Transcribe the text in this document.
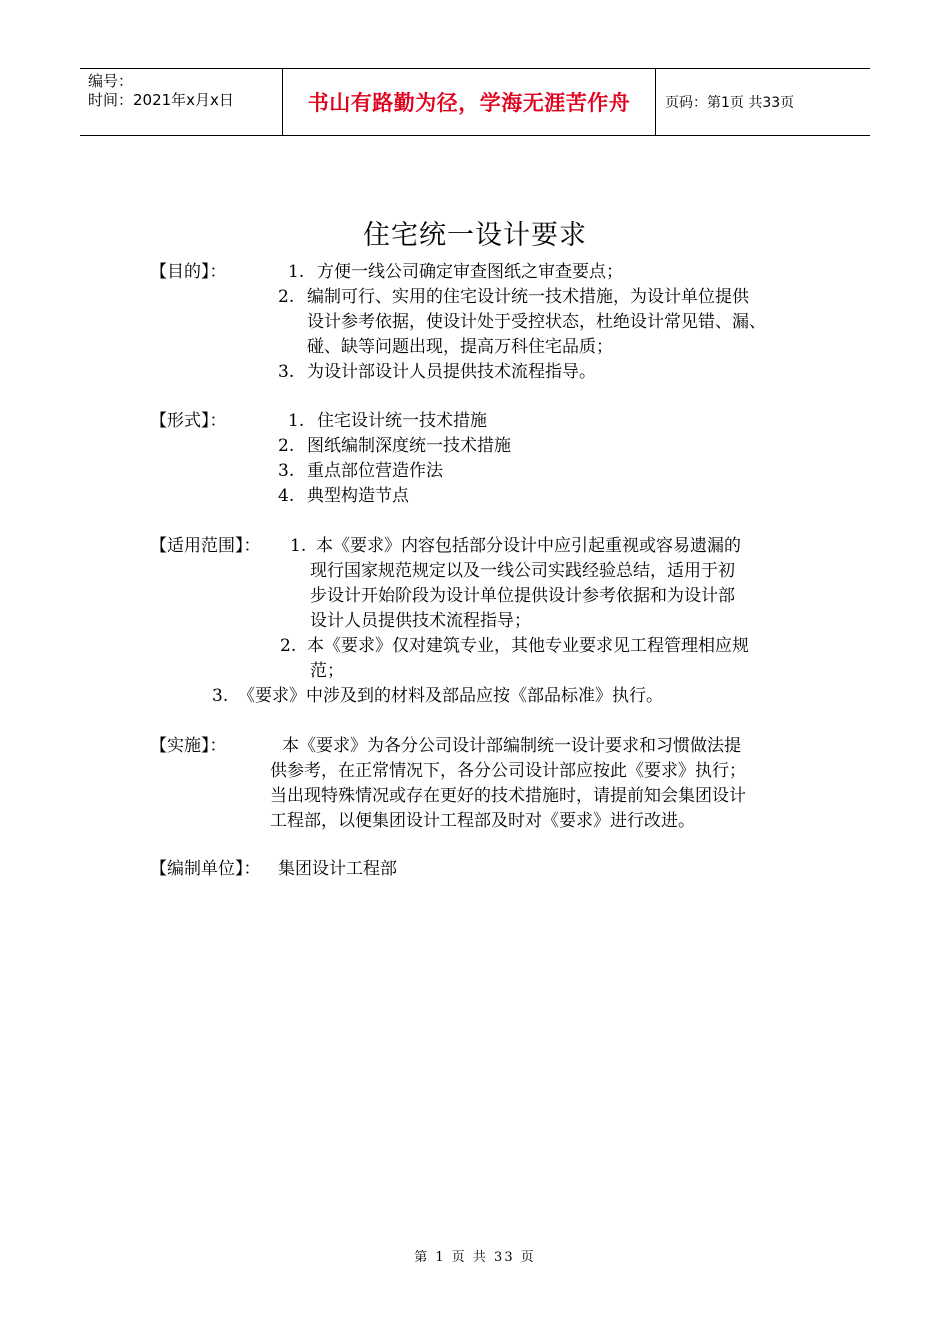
编号：
时间：2021年x月x日	书山有路勤为径，学海无涯苦作舟	页码：第1页 共33页
住宅统一设计要求
【目的】：	1. 方便一线公司确定审查图纸之审查要点；
2. 编制可行、实用的住宅设计统一技术措施，为设计单位提供
设计参考依据，使设计处于受控状态，杜绝设计常见错、漏、
碰、缺等问题出现，提高万科住宅品质；
3. 为设计部设计人员提供技术流程指导。
【形式】：	1. 住宅设计统一技术措施
2. 图纸编制深度统一技术措施
3. 重点部位营造作法
4. 典型构造节点
【适用范围】： 1. 本《要求》内容包括部分设计中应引起重视或容易遗漏的
现行国家规范规定以及一线公司实践经验总结，适用于初
步设计开始阶段为设计单位提供设计参考依据和为设计部
设计人员提供技术流程指导；
2. 本《要求》仅对建筑专业，其他专业要求见工程管理相应规
范；
3. 《要求》中涉及到的材料及部品应按《部品标准》执行。
【实施】：	本《要求》为各分公司设计部编制统一设计要求和习惯做法提
供参考，在正常情况下，各分公司设计部应按此《要求》执行；
当出现特殊情况或存在更好的技术措施时，请提前知会集团设计
工程部，以便集团设计工程部及时对《要求》进行改进。
【编制单位】： 集团设计工程部
第 1 页 共 33 页
